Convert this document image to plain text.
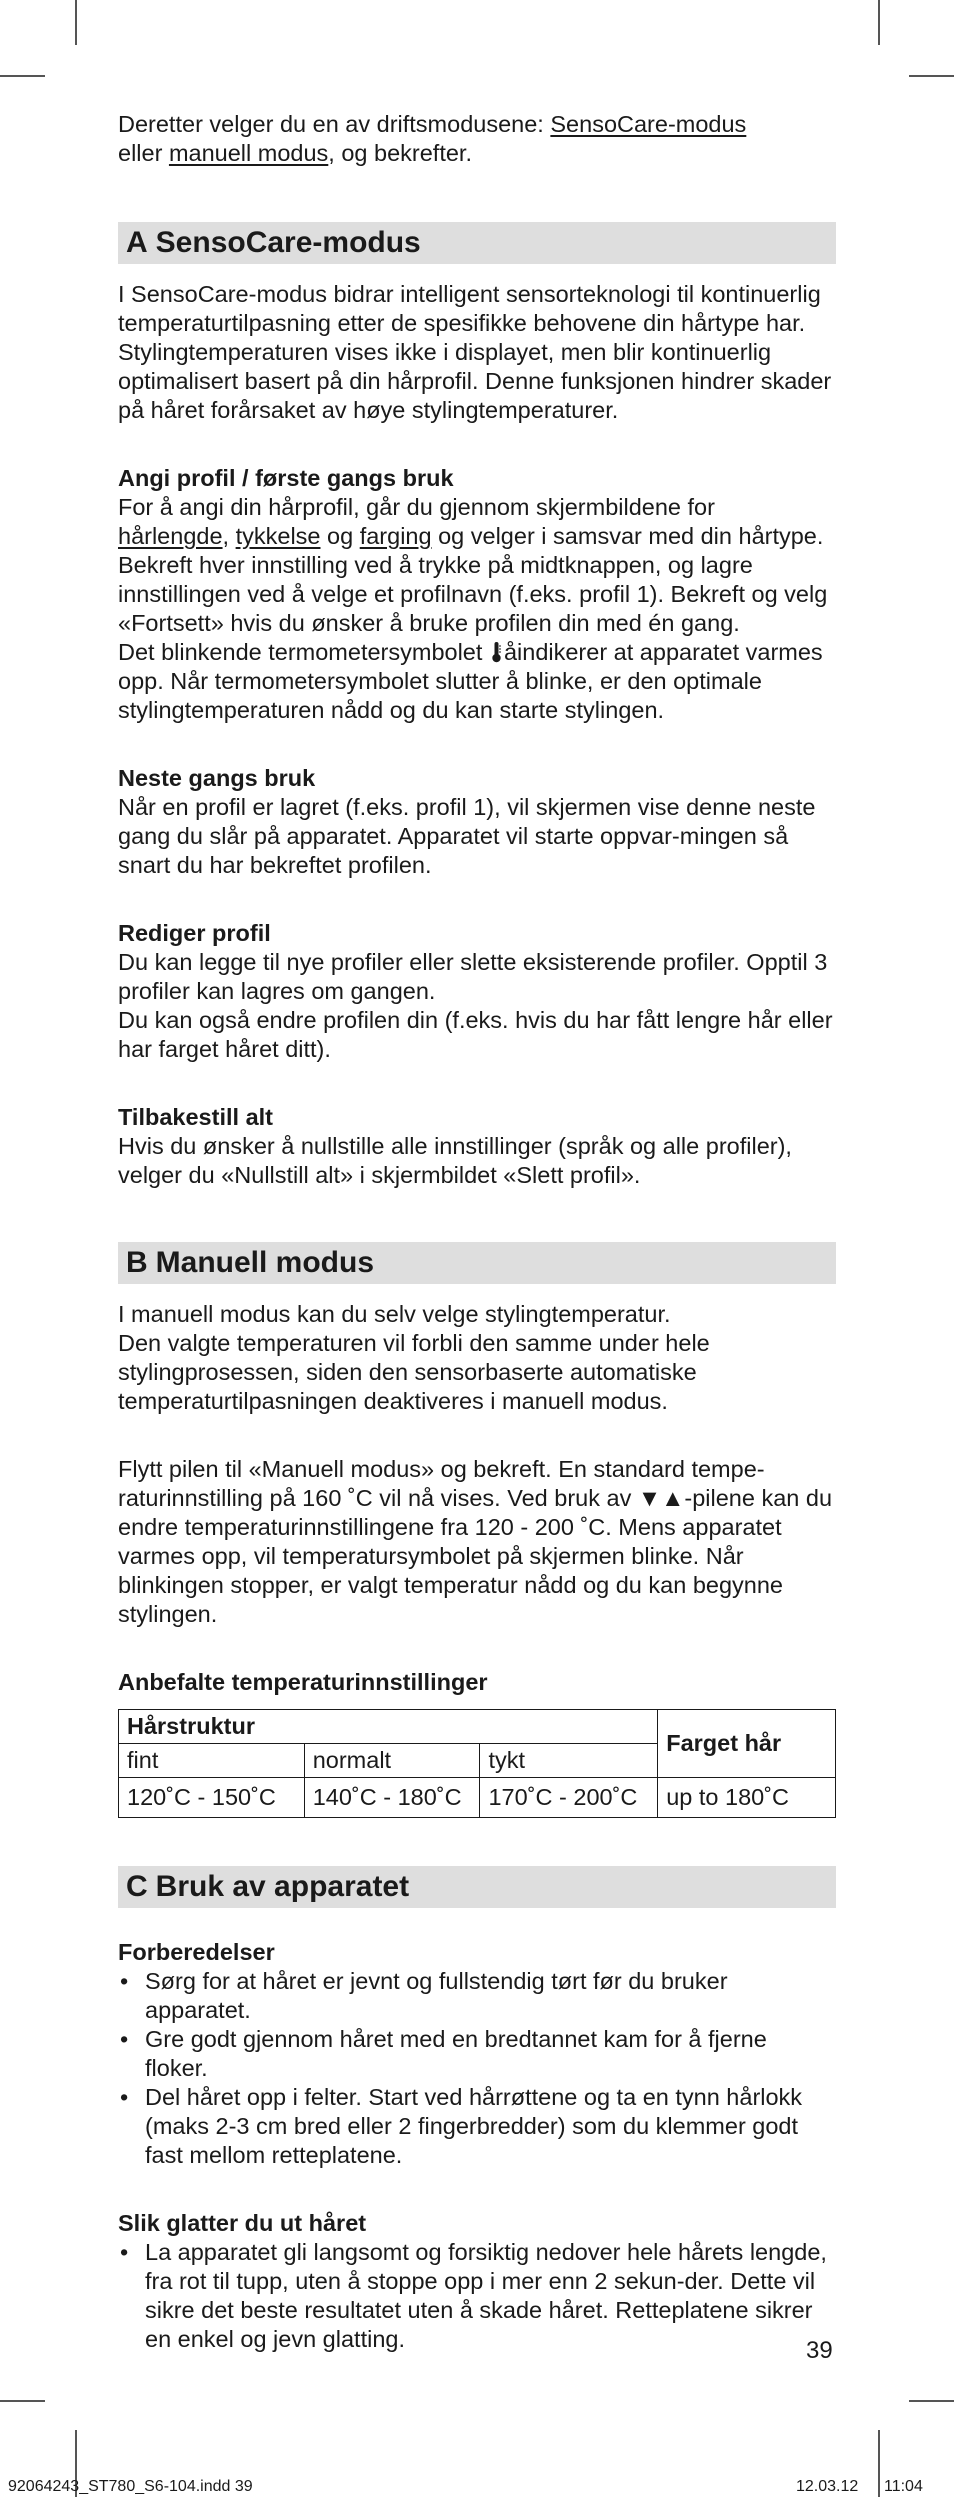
Deretter velger du en av driftsmodusene: SensoCare-modus
eller manuell modus, og bekrefter.

A SensoCare-modus

I SensoCare-modus bidrar intelligent sensorteknologi til kontinuerlig temperaturtilpasning etter de spesifikke behovene din hårtype har. Stylingtemperaturen vises ikke i displayet, men blir kontinuerlig optimalisert basert på din hårprofil. Denne funksjonen hindrer skader på håret forårsaket av høye stylingtemperaturer.

Angi profil / første gangs bruk

For å angi din hårprofil, går du gjennom skjermbildene for
hårlengde, tykkelse og farging og velger i samsvar med din hårtype. Bekreft hver innstilling ved å trykke på midtknappen, og lagre innstillingen ved å velge et profilnavn (f.eks. profil 1). Bekreft og velg «Fortsett» hvis du ønsker å bruke profilen din med én gang.

Det blinkende termometersymbolet åindikerer at apparatet varmes opp. Når termometersymbolet slutter å blinke, er den optimale stylingtemperaturen nådd og du kan starte stylingen.

Neste gangs bruk

Når en profil er lagret (f.eks. profil 1), vil skjermen vise denne neste gang du slår på apparatet. Apparatet vil starte oppvar-mingen så snart du har bekreftet profilen.

Rediger profil

Du kan legge til nye profiler eller slette eksisterende profiler. Opptil 3 profiler kan lagres om gangen.

Du kan også endre profilen din (f.eks. hvis du har fått lengre hår eller har farget håret ditt).

Tilbakestill alt

Hvis du ønsker å nullstille alle innstillinger (språk og alle profiler), velger du «Nullstill alt» i skjermbildet «Slett profil».

B Manuell modus

I manuell modus kan du selv velge stylingtemperatur.

Den valgte temperaturen vil forbli den samme under hele stylingprosessen, siden den sensorbaserte automatiske temperaturtilpasningen deaktiveres i manuell modus.

Flytt pilen til «Manuell modus» og bekreft. En standard tempe-raturinnstilling på 160 ˚C vil nå vises. Ved bruk av ▼▲-pilene kan du endre temperaturinnstillingene fra 120 - 200 ˚C. Mens apparatet varmes opp, vil temperatursymbolet på skjermen blinke. Når blinkingen stopper, er valgt temperatur nådd og du kan begynne stylingen.

Anbefalte temperaturinnstillinger

Hårstruktur			Farget hår
fint	normalt	tykt	
120˚C - 150˚C	140˚C - 180˚C	170˚C - 200˚C	up to 180˚C
C Bruk av apparatet

Forberedelser

• Sørg for at håret er jevnt og fullstendig tørt før du bruker apparatet.
• Gre godt gjennom håret med en bredtannet kam for å fjerne floker.
• Del håret opp i felter. Start ved hårrøttene og ta en tynn hårlokk (maks 2-3 cm bred eller 2 fingerbredder) som du klemmer godt fast mellom retteplatene.

Slik glatter du ut håret

• La apparatet gli langsomt og forsiktig nedover hele hårets lengde, fra rot til tupp, uten å stoppe opp i mer enn 2 sekun-der. Dette vil sikre det beste resultatet uten å skade håret. Retteplatene sikrer en enkel og jevn glatting.	39
92064243_ST780_S6-104.indd 39	12.03.12 11:04
